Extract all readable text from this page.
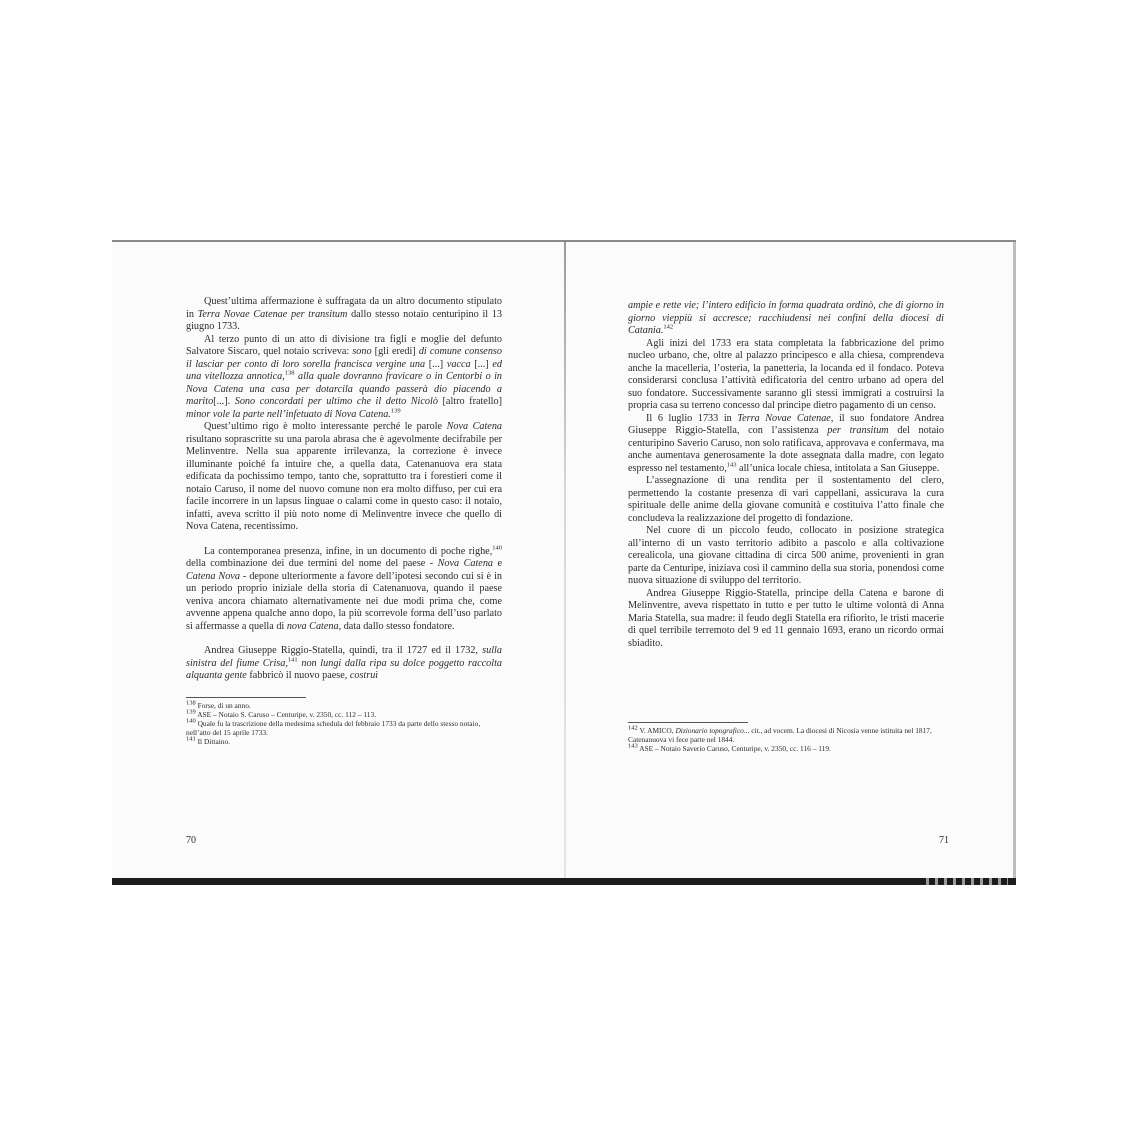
Quest’ultima affermazione è suffragata da un altro documento stipulato in Terra Novae Catenae per transitum dallo stesso notaio centuripino il 13 giugno 1733.

Al terzo punto di un atto di divisione tra figli e moglie del defunto Salvatore Siscaro, quel notaio scriveva: sono [gli eredi] di comune consenso il lasciar per conto di loro sorella francisca vergine una [...] vacca [...] ed una vitellozza annotica,$^{138}$ alla quale dovranno fravicare o in Centorbi o in Nova Catena una casa per dotarcila quando passerà dio piacendo a marito[...]. Sono concordati per ultimo che il detto Nicolò [altro fratello] minor vole la parte nell’infetuato di Nova Catena.$^{139}$

Quest’ultimo rigo è molto interessante perché le parole Nova Catena risultano soprascritte su una parola abrasa che è agevolmente decifrabile per Melinventre. Nella sua apparente irrilevanza, la correzione è invece illuminante poiché fa intuire che, a quella data, Catenanuova era stata edificata da pochissimo tempo, tanto che, soprattutto tra i forestieri come il notaio Caruso, il nome del nuovo comune non era molto diffuso, per cui era facile incorrere in un lapsus linguae o calami come in questo caso: il notaio, infatti, aveva scritto il più noto nome di Melinventre invece che quello di Nova Catena, recentissimo.

La contemporanea presenza, infine, in un documento di poche righe,$^{140}$ della combinazione dei due termini del nome del paese - Nova Catena e Catena Nova - depone ulteriormente a favore dell’ipotesi secondo cui si è in un periodo proprio iniziale della storia di Catenanuova, quando il paese veniva ancora chiamato alternativamente nei due modi prima che, come avvenne appena qualche anno dopo, la più scorrevole forma dell’uso parlato si affermasse a quella di nova Catena, data dallo stesso fondatore.

Andrea Giuseppe Riggio-Statella, quindi, tra il 1727 ed il 1732, sulla sinistra del fiume Crisa,$^{141}$ non lungi dalla ripa su dolce poggetto raccolta alquanta gente fabbricò il nuovo paese, costruì

$^{138}$ Forse, di un anno.

$^{139}$ ASE – Notaio S. Caruso – Centuripe, v. 2350, cc. 112 – 113.

$^{140}$ Quale fu la trascrizione della medesima schedula del febbraio 1733 da parte dello stesso notaio, nell’atto del 15 aprile 1733.

$^{141}$ Il Dittaino.

70

ampie e rette vie; l’intero edificio in forma quadrata ordinò, che di giorno in giorno vieppiù si accresce; racchiudensi nei confini della diocesi di Catania.$^{142}$

Agli inizi del 1733 era stata completata la fabbricazione del primo nucleo urbano, che, oltre al palazzo principesco e alla chiesa, comprendeva anche la macelleria, l’osteria, la panetteria, la locanda ed il fondaco. Poteva considerarsi conclusa l’attività edificatoria del centro urbano ad opera del suo fondatore. Successivamente saranno gli stessi immigrati a costruirsi la propria casa su terreno concesso dal principe dietro pagamento di un censo.

Il 6 luglio 1733 in Terra Novae Catenae, il suo fondatore Andrea Giuseppe Riggio-Statella, con l’assistenza per transitum del notaio centuripino Saverio Caruso, non solo ratificava, approvava e confermava, ma anche aumentava generosamente la dote assegnata dalla madre, con legato espresso nel testamento,$^{143}$ all’unica locale chiesa, intitolata a San Giuseppe.

L’assegnazione di una rendita per il sostentamento del clero, permettendo la costante presenza di vari cappellani, assicurava la cura spirituale delle anime della giovane comunità e costituiva l’atto finale che concludeva la realizzazione del progetto di fondazione.

Nel cuore di un piccolo feudo, collocato in posizione strategica all’interno di un vasto territorio adibito a pascolo e alla coltivazione cerealicola, una giovane cittadina di circa 500 anime, provenienti in gran parte da Centuripe, iniziava così il cammino della sua storia, ponendosi come nuova situazione di sviluppo del territorio.

Andrea Giuseppe Riggio-Statella, principe della Catena e barone di Melinventre, aveva rispettato in tutto e per tutto le ultime volontà di Anna Maria Statella, sua madre: il feudo degli Statella era rifiorito, le tristi macerie di quel terribile terremoto del 9 ed 11 gennaio 1693, erano un ricordo ormai sbiadito.

$^{142}$ V. AMICO, Dizionario topografico... cit., ad vocem. La diocesi di Nicosia venne istituita nel 1817, Catenanuova vi fece parte nel 1844.

$^{143}$ ASE – Notaio Saverio Caruso, Centuripe, v. 2350, cc. 116 – 119.

71
